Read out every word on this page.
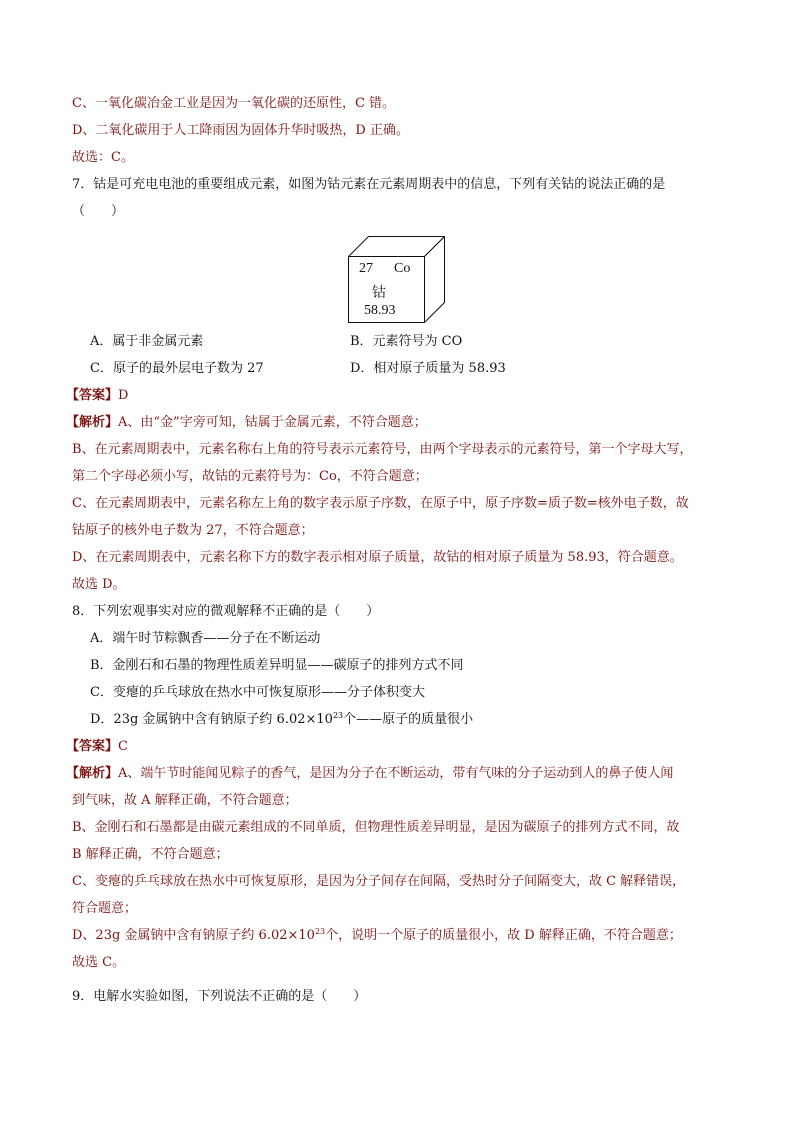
C、一氧化碳冶金工业是因为一氧化碳的还原性，C 错。
D、二氧化碳用于人工降雨因为固体升华时吸热，D 正确。
故选：C。
7．钴是可充电电池的重要组成元素，如图为钴元素在元素周期表中的信息，下列有关钴的说法正确的是
（　　）
27 Co
钴
58.93
A．属于非金属元素	B．元素符号为 CO
C．原子的最外层电子数为 27	D．相对原子质量为 58.93
【答案】D
【解析】A、由“金”字旁可知，钴属于金属元素，不符合题意；
B、在元素周期表中，元素名称右上角的符号表示元素符号，由两个字母表示的元素符号，第一个字母大写，
第二个字母必须小写，故钴的元素符号为：Co，不符合题意；
C、在元素周期表中，元素名称左上角的数字表示原子序数，在原子中，原子序数=质子数=核外电子数，故
钴原子的核外电子数为 27，不符合题意；
D、在元素周期表中，元素名称下方的数字表示相对原子质量，故钴的相对原子质量为 58.93，符合题意。
故选 D。
8．下列宏观事实对应的微观解释不正确的是（　　）
A．端午时节粽飘香——分子在不断运动
B．金刚石和石墨的物理性质差异明显——碳原子的排列方式不同
C．变瘪的乒乓球放在热水中可恢复原形——分子体积变大
D．23g 金属钠中含有钠原子约 $6.02\times 10^{23}$个——原子的质量很小
【答案】C
【解析】A、端午节时能闻见粽子的香气，是因为分子在不断运动，带有气味的分子运动到人的鼻子使人闻
到气味，故 A 解释正确，不符合题意；
B、金刚石和石墨都是由碳元素组成的不同单质，但物理性质差异明显，是因为碳原子的排列方式不同，故
B 解释正确，不符合题意；
C、变瘪的乒乓球放在热水中可恢复原形，是因为分子间存在间隔，受热时分子间隔变大，故 C 解释错误，
符合题意；
D、23g 金属钠中含有钠原子约 $6.02\times 10^{23}$个，说明一个原子的质量很小，故 D 解释正确，不符合题意；
故选 C。
9．电解水实验如图，下列说法不正确的是（　　）
